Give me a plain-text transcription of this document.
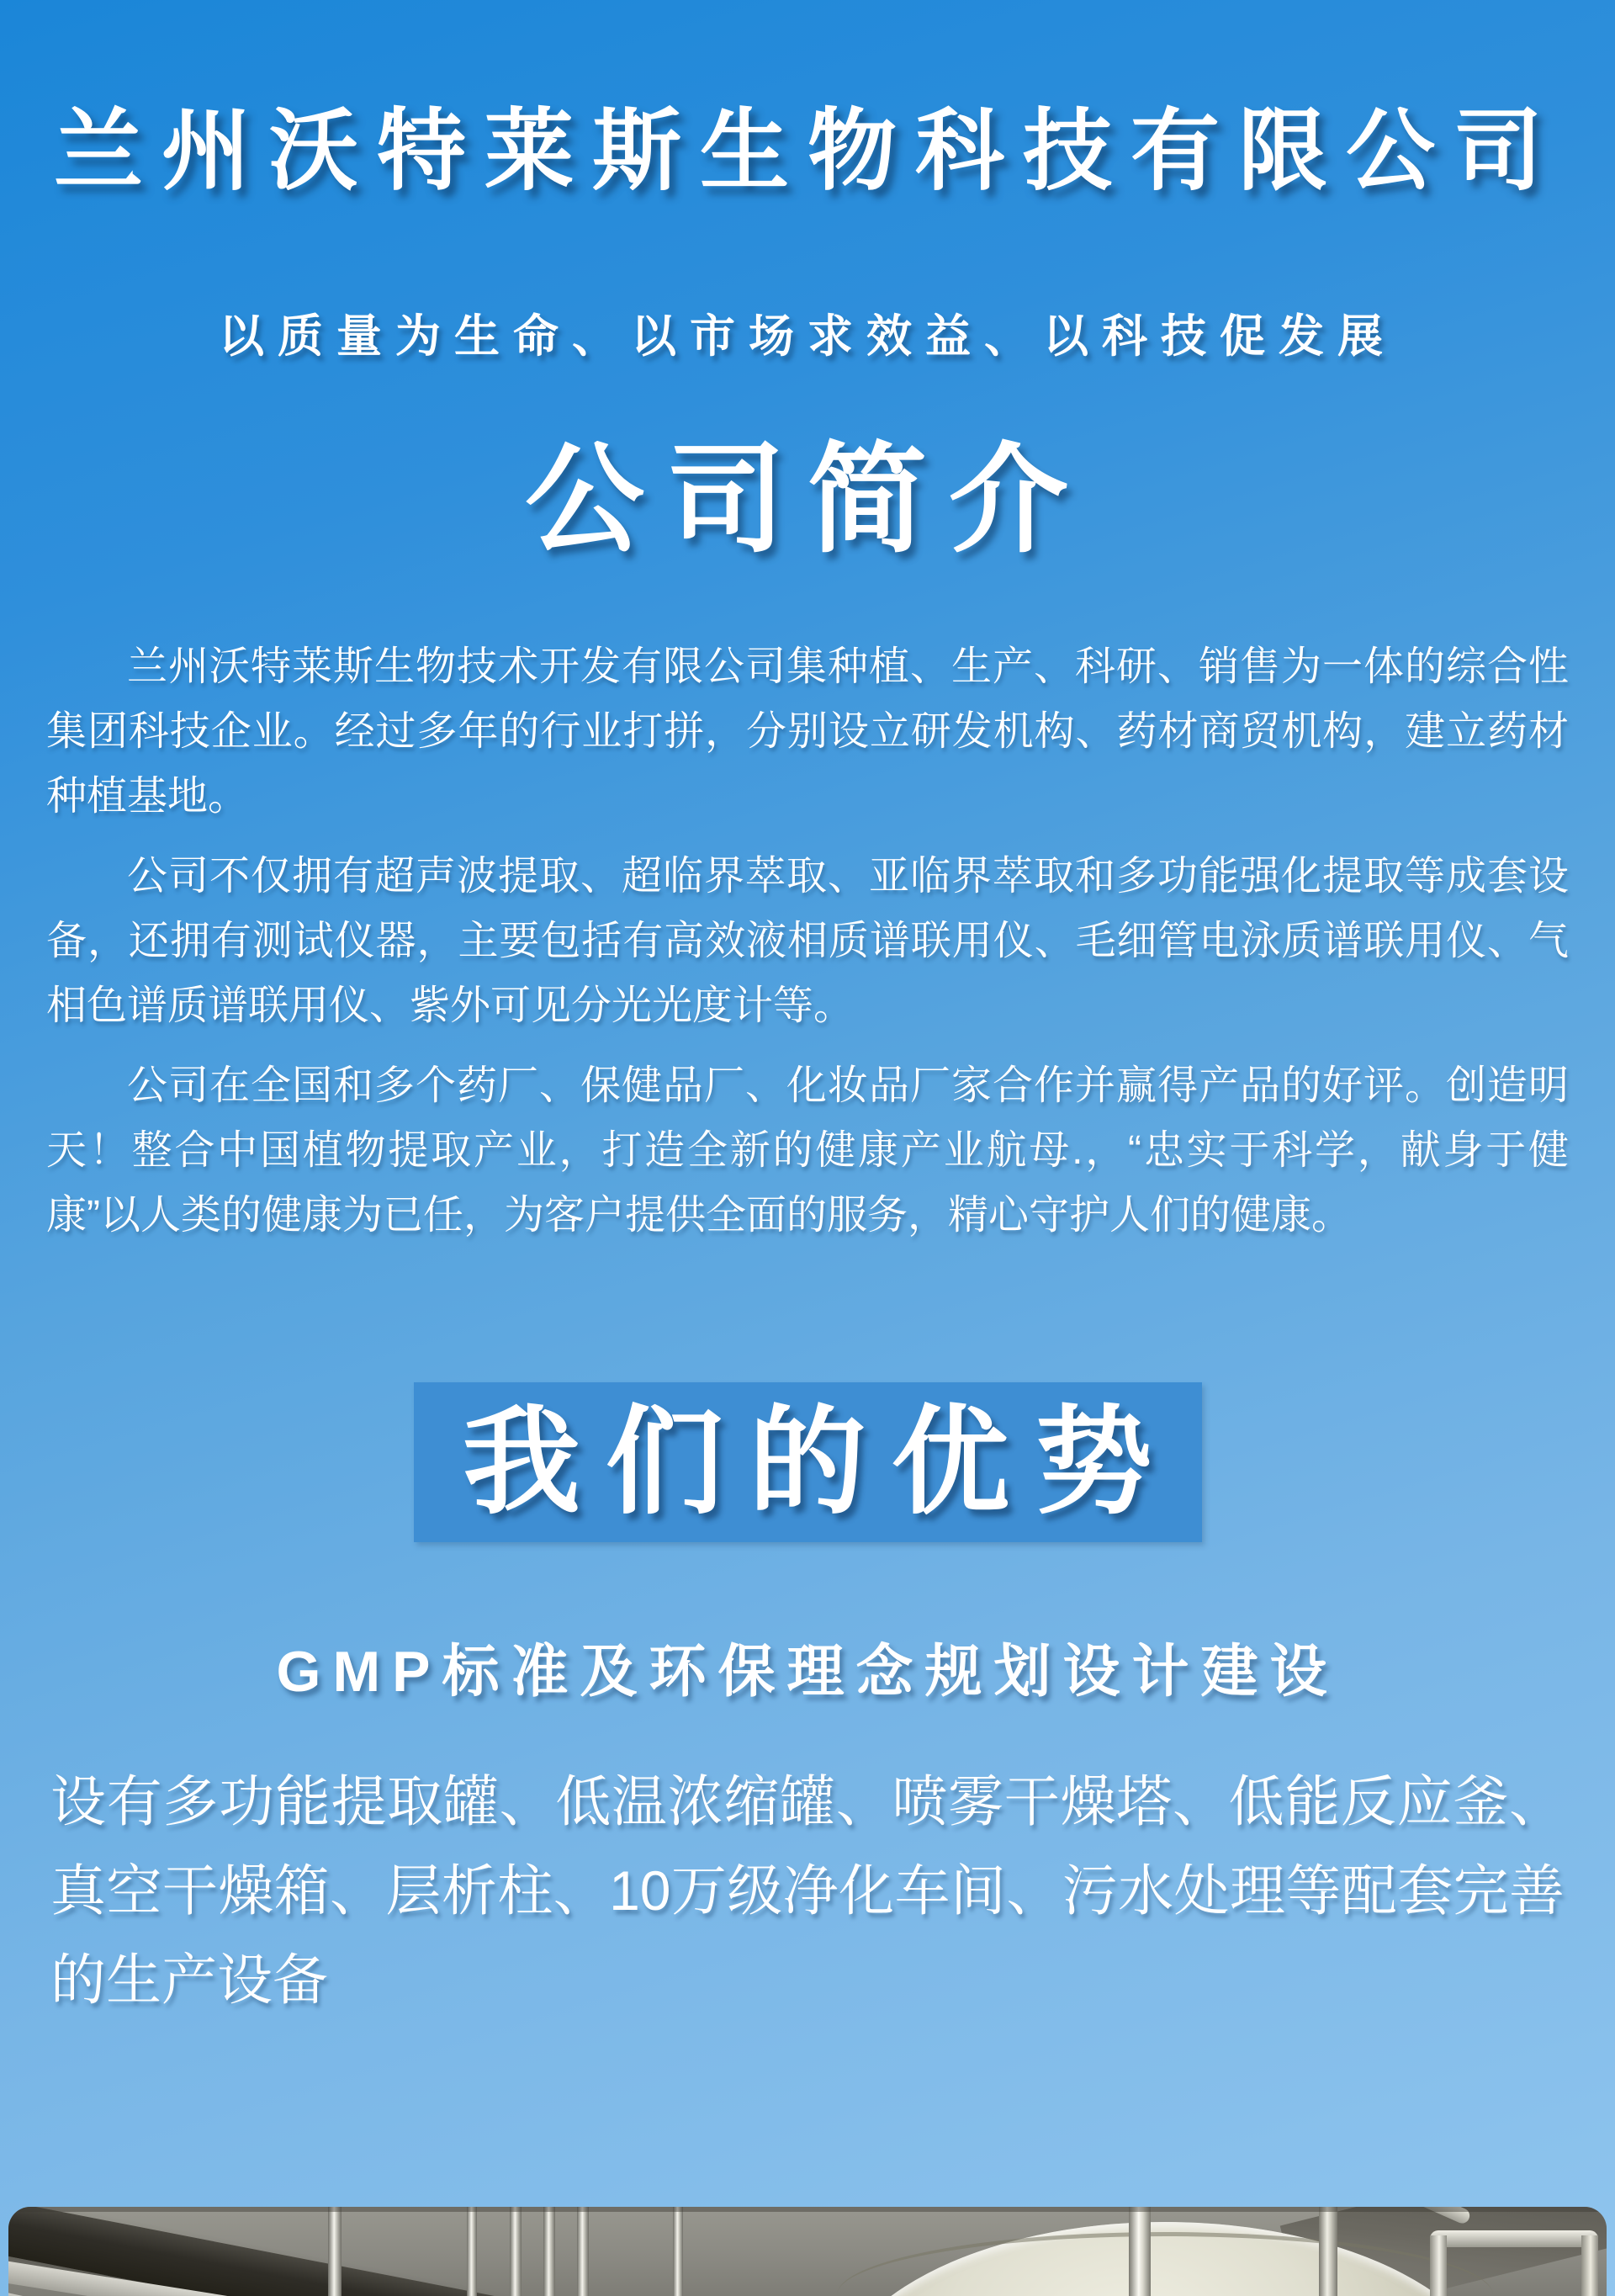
兰州沃特莱斯生物科技有限公司
以质量为生命、以市场求效益、以科技促发展
公司简介

兰州沃特莱斯生物技术开发有限公司集种植、生产、科研、销售为一体的综合性集团科技企业。经过多年的行业打拼，分别设立研发机构、药材商贸机构，建立药材种植基地。

公司不仅拥有超声波提取、超临界萃取、亚临界萃取和多功能强化提取等成套设备，还拥有测试仪器，主要包括有高效液相质谱联用仪、毛细管电泳质谱联用仪、气相色谱质谱联用仪、紫外可见分光光度计等。

公司在全国和多个药厂、保健品厂、化妆品厂家合作并赢得产品的好评。创造明天！整合中国植物提取产业，打造全新的健康产业航母.，“忠实于科学，献身于健康”以人类的健康为已任，为客户提供全面的服务，精心守护人们的健康。

我们的优势
GMP标准及环保理念规划设计建设

设有多功能提取罐、低温浓缩罐、喷雾干燥塔、低能反应釜、真空干燥箱、层析柱、10万级净化车间、污水处理等配套完善的生产设备
